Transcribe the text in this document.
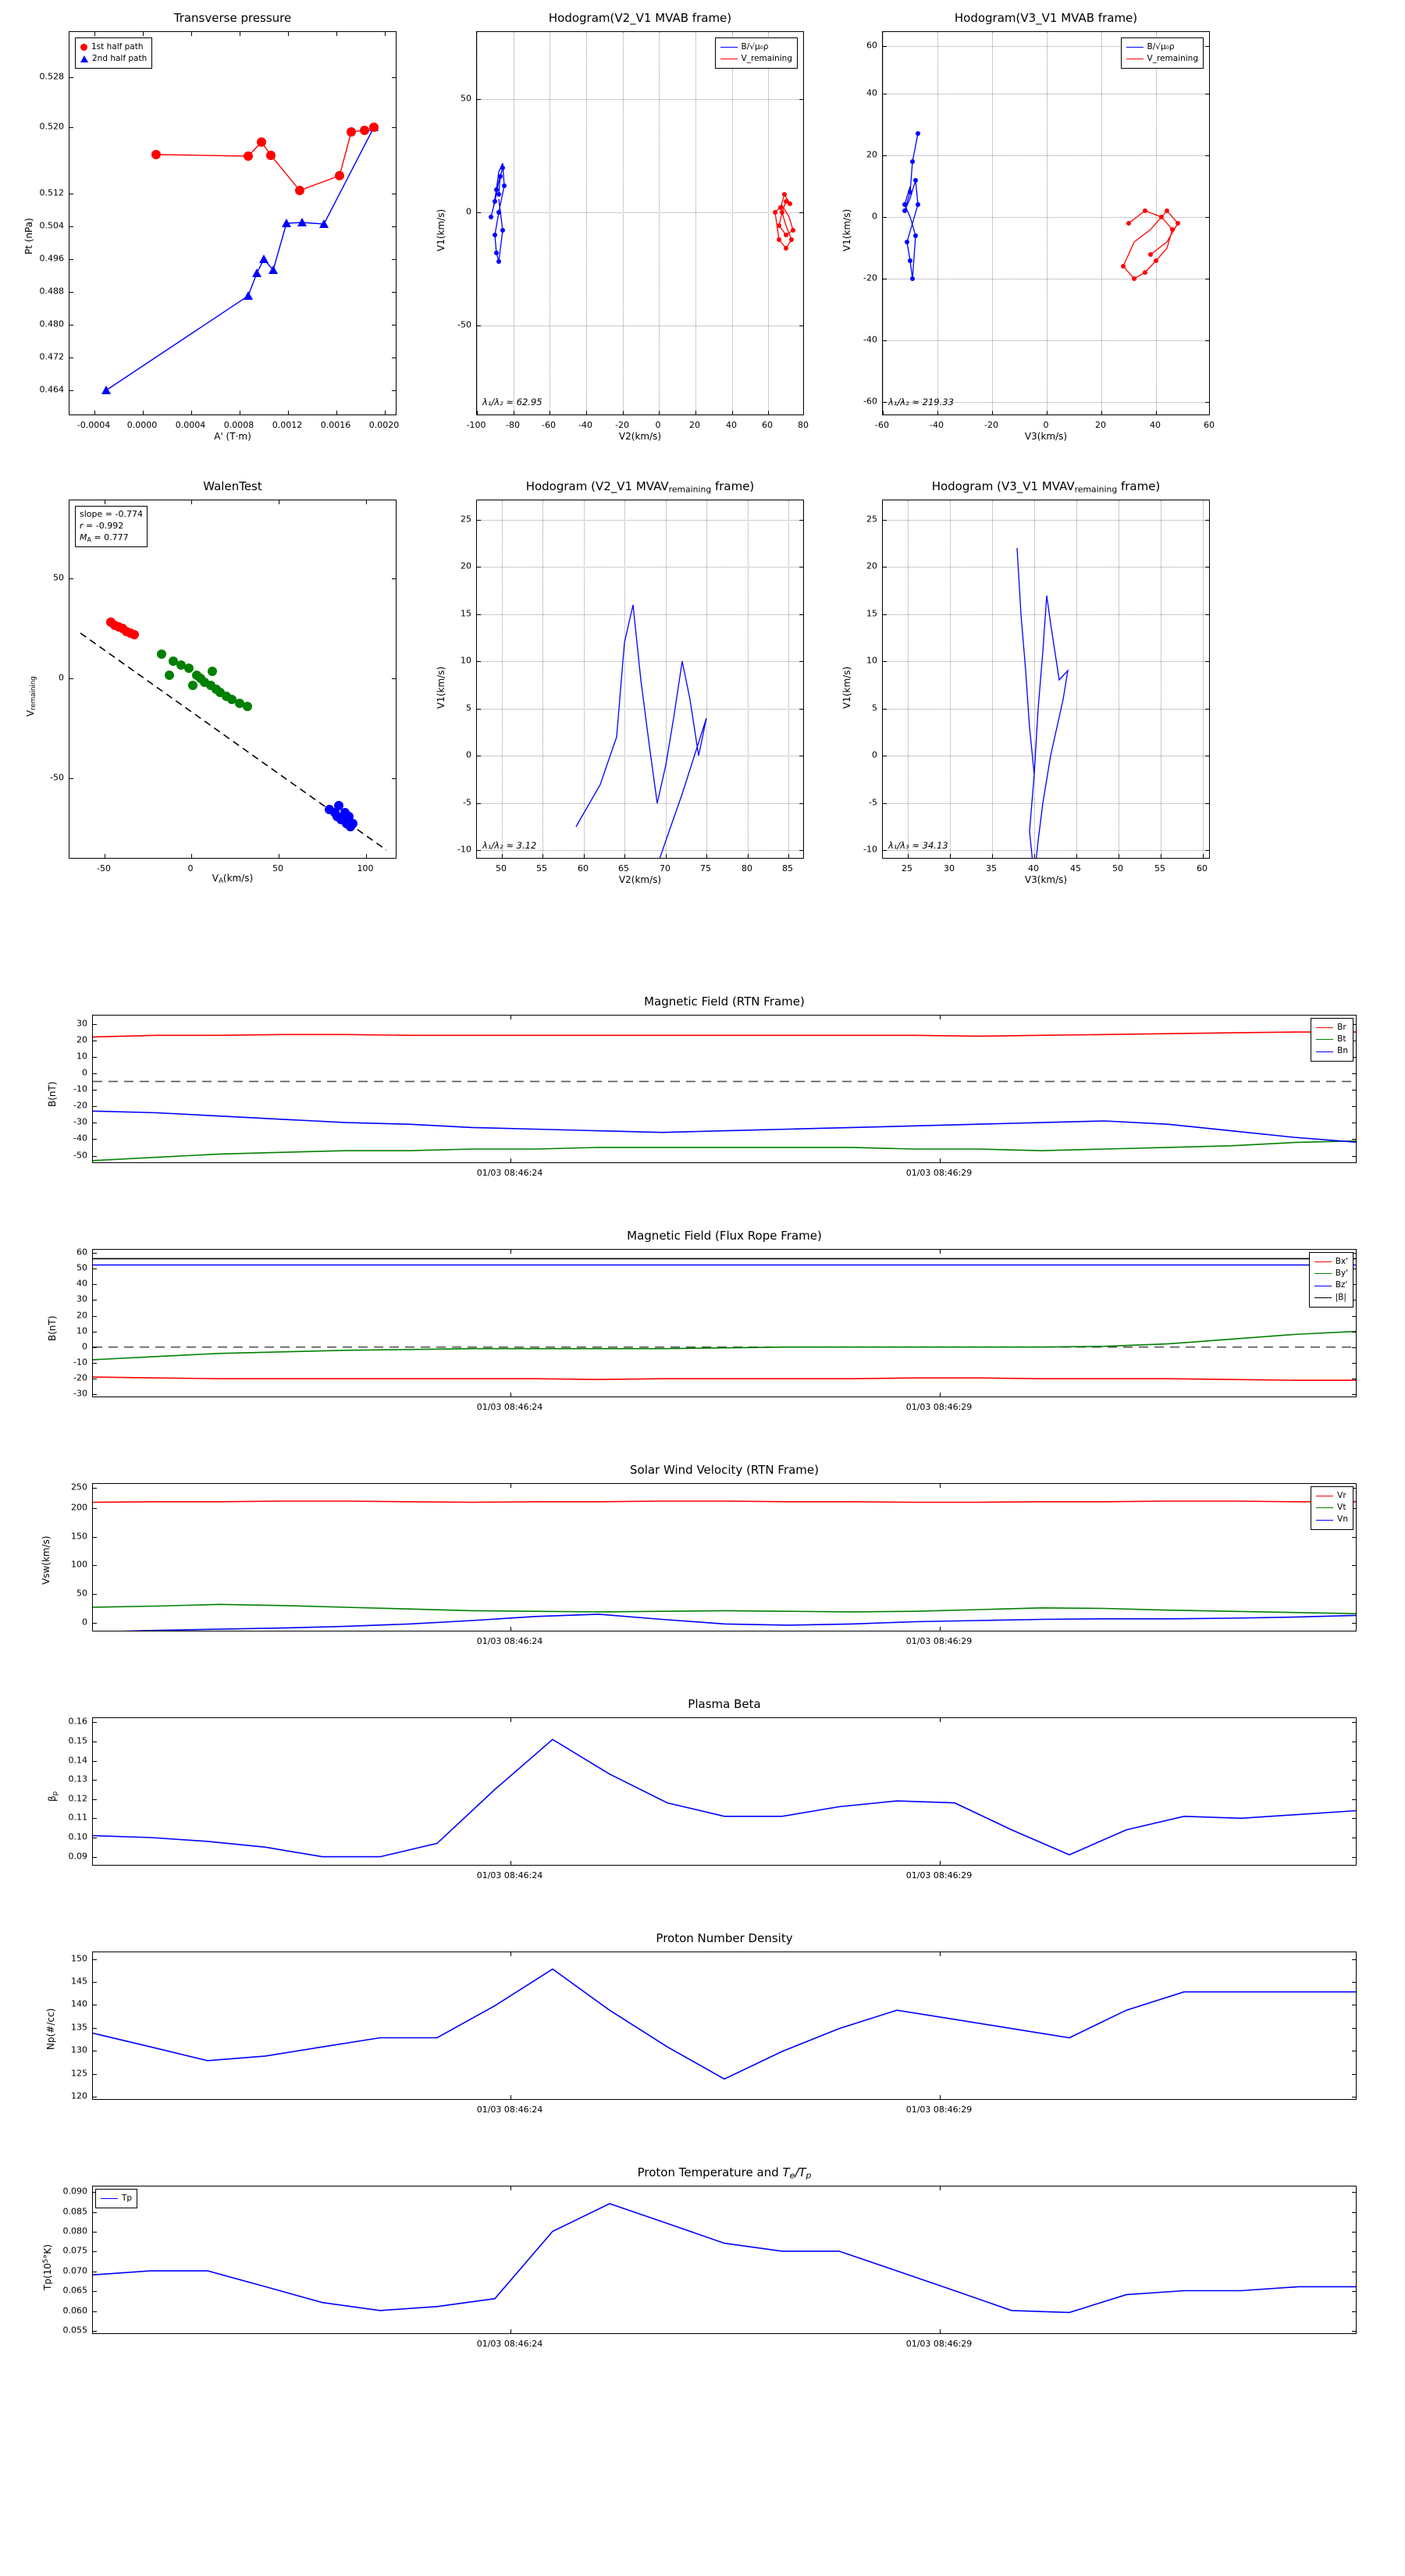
Transverse pressure
Pt (nPa)
A' (T·m)
0.464
0.472
0.480
0.488
0.496
0.504
0.512
0.520
0.528
-0.0004 0.0000 0.0004 0.0008 0.0012 0.0016 0.0020
1st half path
2nd half path
Hodogram(V2_V1 MVAB frame)
V1(km/s)
V2(km/s)
-50
0
50
-100 -80	-60	-40	-20	0	20	40	60	80
B/√μ₀ρ
V_remaining
λ₁/λ₂ ≈ 62.95
Hodogram(V3_V1 MVAB frame)
V1(km/s)
V3(km/s)
-60
-40
-20
0
20
40
60
-60	-40	-20	0	20	40	60
B/√μ₀ρ
V_remaining
λ₁/λ₂ ≈ 219.33
WalenTest
$V_{remaining}$
$V_A(km/s)$
-50
0
50
-50	0	50	100
slope = -0.774
r = -0.992
$M_A = 0.777$
Hodogram (V2_V1 $MVAV_{remaining}$ frame)
V1(km/s)
V2(km/s)
-10
-5
0
5
10
15
20
25
50	55	60	65	70	75	80	85
λ₁/λ₂ ≈ 3.12
Hodogram (V3_V1 $MVAV_{remaining}$ frame)
V1(km/s)
V3(km/s)
-10
-5
0
5
10
15
20
25
25	30	35	40	45	50	55	60
λ₁/λ₃ ≈ 34.13
Magnetic Field (RTN Frame)
B(nT)
-50
-40
-30
-20
-10
0
10
20
30
01/03 08:46:24	01/03 08:46:29
Br
Bt
Bn
Magnetic Field (Flux Rope Frame)
B(nT)
-30
-20
-10
0
10
20
30
40
50
60
01/03 08:46:24	01/03 08:46:29
Bx'
By'
Bz'
|B|
Solar Wind Velocity (RTN Frame)
Vsw(km/s)
0
50
100
150
200
250
01/03 08:46:24	01/03 08:46:29
Vr
Vt
Vn
Plasma Beta
$\beta_p$
0.09
0.10
0.11
0.12
0.13
0.14
0.15
0.16
01/03 08:46:24	01/03 08:46:29
Proton Number Density
Np(#/cc)
120
125
130
135
140
145
150
01/03 08:46:24	01/03 08:46:29
Proton Temperature and $T_e/T_p$
$Tp(10^5^\circ K)$
0.055
0.060
0.065
0.070
0.075
0.080
0.085
0.090
01/03 08:46:24	01/03 08:46:29
Tp
